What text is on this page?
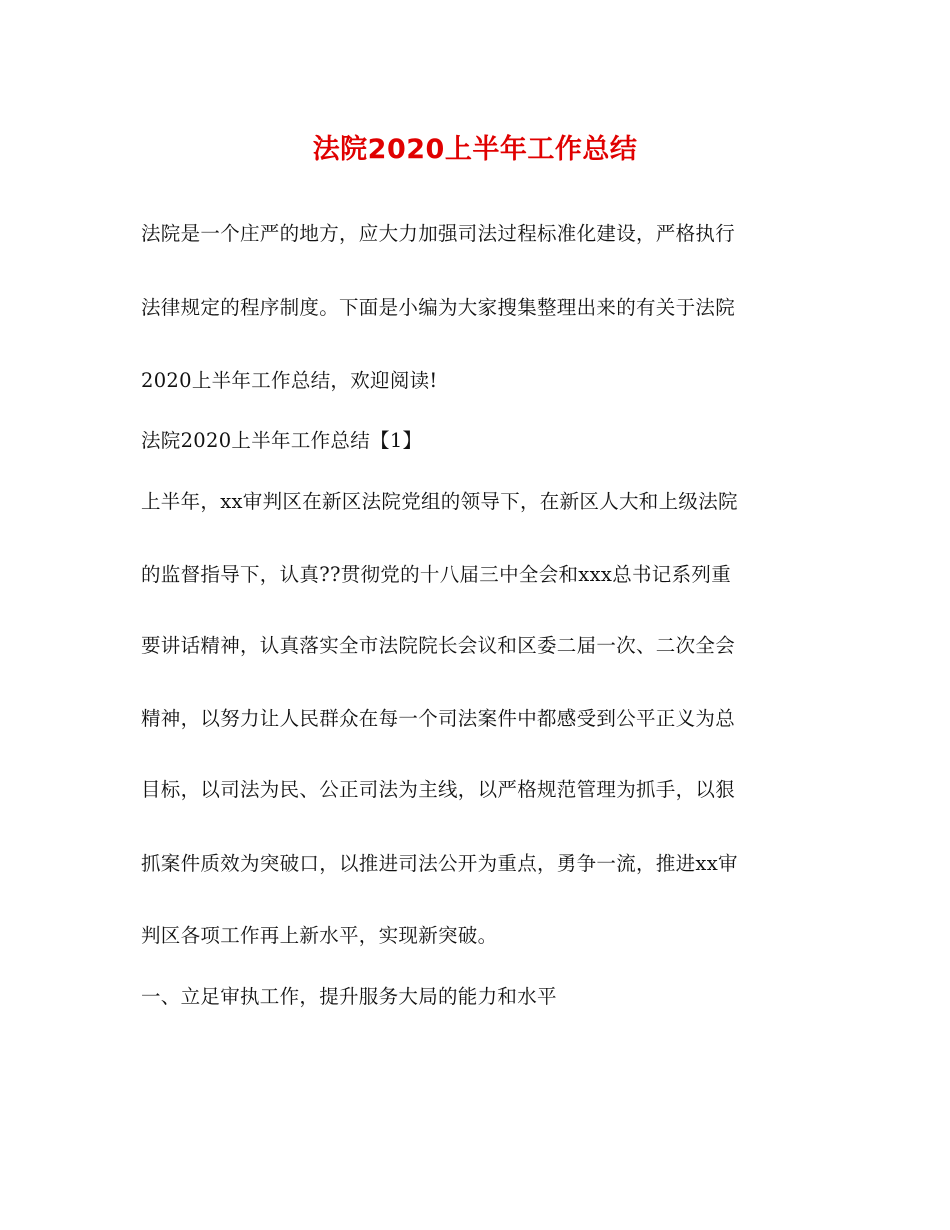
法院2020上半年工作总结
法院是一个庄严的地方，应大力加强司法过程标准化建设，严格执行
法律规定的程序制度。下面是小编为大家搜集整理出来的有关于法院
2020上半年工作总结，欢迎阅读!
法院2020上半年工作总结【1】
上半年，xx审判区在新区法院党组的领导下，在新区人大和上级法院
的监督指导下，认真??贯彻党的十八届三中全会和xxx总书记系列重
要讲话精神，认真落实全市法院院长会议和区委二届一次、二次全会
精神，以努力让人民群众在每一个司法案件中都感受到公平正义为总
目标，以司法为民、公正司法为主线，以严格规范管理为抓手，以狠
抓案件质效为突破口，以推进司法公开为重点，勇争一流，推进xx审
判区各项工作再上新水平，实现新突破。
一、立足审执工作，提升服务大局的能力和水平
